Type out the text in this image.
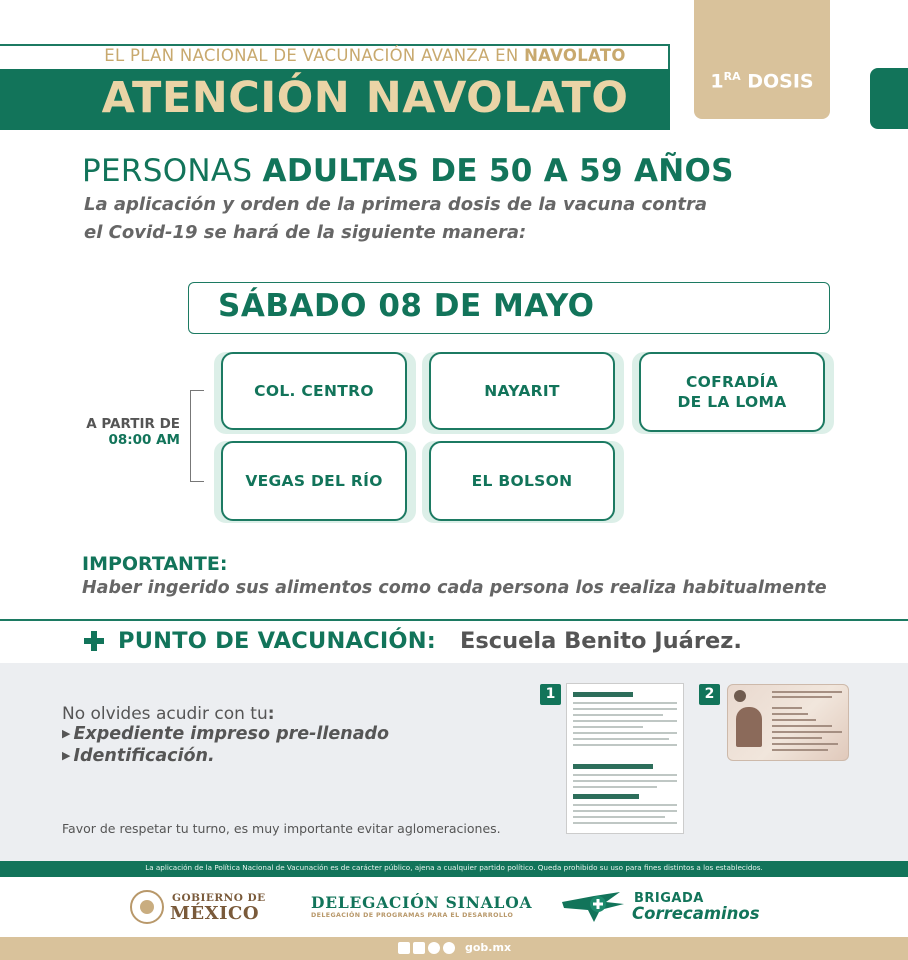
EL PLAN NACIONAL DE VACUNACIÓN AVANZA EN NAVOLATO
ATENCIÓN NAVOLATO	$1^{RA}$ DOSIS
PERSONAS ADULTAS DE 50 A 59 AÑOS
La aplicación y orden de la primera dosis de la vacuna contra
el Covid-19 se hará de la siguiente manera:
SÁBADO 08 DE MAYO
A PARTIR DE
08:00 AM
COL. CENTRO	NAYARIT	COFRADÍA
DE LA LOMA
VEGAS DEL RÍO	EL BOLSON
IMPORTANTE:
Haber ingerido sus alimentos como cada persona los realiza habitualmente
PUNTO DE VACUNACIÓN: Escuela Benito Juárez.
No olvides acudir con tu:
▶ Expediente impreso pre-llenado
▶ Identificación.
Favor de respetar tu turno, es muy importante evitar aglomeraciones.
1	2
La aplicación de la Política Nacional de Vacunación es de carácter público, ajena a cualquier partido político. Queda prohibido su uso para fines distintos a los establecidos.
GOBIERNO DE
MÉXICO
DELEGACIÓN SINALOA
DELEGACIÓN DE PROGRAMAS PARA EL DESARROLLO
BRIGADA
Correcaminos
gob.mx
